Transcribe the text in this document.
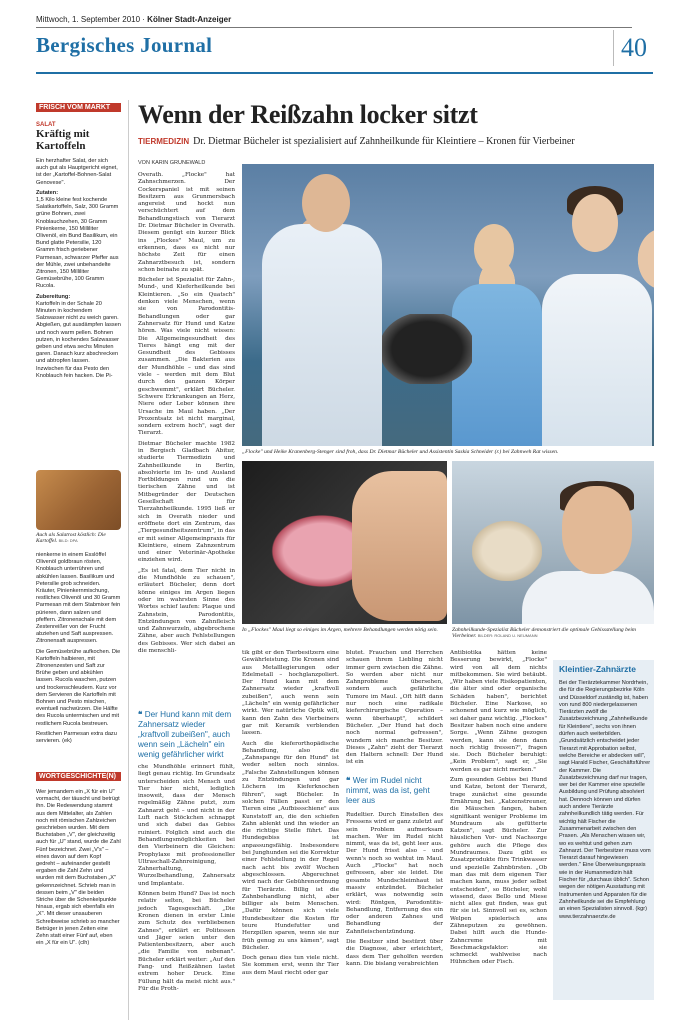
Mittwoch, 1. September 2010 · Kölner Stadt-Anzeiger
Bergisches Journal	40
FRISCH VOM MARKT
SALAT
Kräftig mit Kartoffeln

Ein herzhafter Salat, der sich auch gut als Hauptgericht eignet, ist der „Kartoffel-Bohnen-Salat Genovese".

Zutaten:
1,5 Kilo kleine fest kochende Salatkartoffeln, Salz, 300 Gramm grüne Bohnen, zwei Knoblauchzehen, 30 Gramm Pinienkerne, 150 Milliliter Olivenöl, ein Bund Basilikum, ein Bund glatte Petersilie, 120 Gramm frisch geriebener Parmesan, schwarzer Pfeffer aus der Mühle, zwei unbehandelte Zitronen, 150 Milliliter Gemüsebrühe, 100 Gramm Rucola.

Zubereitung:
Kartoffeln in der Schale 20 Minuten in kochendem Salzwasser nicht zu weich garen. Abgießen, gut ausdämpfen lassen und noch warm pellen. Bohnen putzen, in kochendes Salzwasser geben und etwa sechs Minuten garen. Danach kurz abschrecken und abtropfen lassen.
Inzwischen für das Pesto den Knoblauch fein hacken. Die Pi-

Auch als Salatrost köstlich: Die Kartoffel. BILD: DPA

nienkerne in einem Esslöffel Olivenöl goldbraun rösten, Knoblauch unterrühren und abkühlen lassen. Basilikum und Petersilie grob schneiden. Kräuter, Pinienkernmischung, restliches Olivenöl und 30 Gramm Parmesan mit dem Stabmixer fein pürieren, dann salzen und pfeffern. Zitronenschale mit dem Zestenreißer von der Frucht abziehen und Saft auspressen. Zitronensaft auspressen.

Die Gemüsebrühe aufkochen. Die Kartoffeln halbieren, mit Zitronenzesten und Saft zur Brühe geben und abkühlen lassen. Rucola waschen, putzen und trockenschleudern. Kurz vor dem Servieren die Kartoffeln mit Bohnen und Pesto mischen, eventuell nachwürzen. Die Hälfte des Rucola untermischen und mit restlichem Rucola bestreuen.

Restlichen Parmesan extra dazu servieren. (ek)

WORTGESCHICHTE(N)
Wer jemandem ein „X für ein U" vormacht, der täuscht und betrügt ihn. Die Redewendung stammt aus dem Mittelalter, als Zahlen noch mit römischen Zahlzeichen geschrieben wurden. Mit dem Buchstaben „V", der gleichzeitig auch für „U" stand, wurde die Zahl Fünf bezeichnet. Zwei „V's" – eines davon auf dem Kopf gedreht – aufeinander gestellt ergaben die Zahl Zehn und wurden mit dem Buchstaben „X" gekennzeichnet. Schrieb man in dessen beim „V" die beiden Striche über die Schenkelpunkte hinaus, ergab sich ebenfalls ein „X". Mit dieser unsauberen Schreibweise schrieb so mancher Betrüger in jenen Zeiten eine Zehn statt einer Fünf auf, eben ein „X für ein U". (clh)
Wenn der Reißzahn locker sitzt
TIERMEDIZIN Dr. Dietmar Bücheler ist spezialisiert auf Zahnheilkunde für Kleintiere – Kronen für Vierbeiner
VON KARIN GRUNEWALD

Overath. „Flocke" hat Zahnschmerzen. Der Cockerspaniel ist mit seinen Besitzern aus Grunmersbach angereist und hockt nun verschüchtert auf dem Behandlungstisch von Tierarzt Dr. Dietmar Bücheler in Overath. Diesem genügt ein kurzer Blick ins „Flockes" Maul, um zu erkennen, dass es nicht nur höchste Zeit für einen Zahnarztbesuch ist, sondern schon beinahe zu spät.

Bücheler ist Spezialist für Zahn-, Mund-, und Kieferheilkunde bei Kleintieren. „So ein Quatsch" denken viele Menschen, wenn sie von Parodontitis-Behandlungen oder gar Zahnersatz für Hund und Katze hören. Was viele nicht wissen: Die Allgemeingesundheit des Tieres hängt eng mit der Gesundheit des Gebisses zusammen. „Die Bakterien aus der Mundhöhle – und das sind viele – werden mit dem Blut durch den ganzen Körper geschwemmt", erklärt Bücheler. Schwere Erkrankungen an Herz, Niere oder Leber können ihre Ursache im Maul haben. „Der Prozentsatz ist nicht marginal, sondern extrem hoch", sagt der Tierarzt.

Dietmar Bücheler machte 1982 in Bergisch Gladbach Abitur, studierte Tiermedizin und Zahnheilkunde in Berlin, absolvierte im In- und Ausland Fortbildungen rund um die tierischen Zähne und ist Mitbegründer der Deutschen Gesellschaft für Tierzahnheilkunde. 1995 ließ er sich in Overath nieder und eröffnete dort ein Zentrum, das „Tiergesundheitszentrum", in das er mit seiner Allgemeinpraxis für Kleintiere, einem Zahnzentrum und einer Veterinär-Apotheke einziehen wird.

„Es ist fatal, dem Tier nicht in die Mundhöhle zu schauen", erläutert Bücheler, denn dort könne einiges im Argen liegen oder im wahrsten Sinne des Wortes schief laufen: Plaque und Zahnstein, Parodontitis, Entzündungen von Zahnfleisch und Zahnwurzeln, abgebrochene Zähne, aber auch Fehlstellungen des Gebisses. Wer sich dabei an die menschli-

„Flocke" und Heike Kranenberg-Stenger sind froh, dass Dr. Dietmar Bücheler und Assistentin Saskia Schneider (r.) bei Zahnweh Rat wissen.
❝ Der Hund kann mit dem Zahnersatz wieder „kraftvoll zubeißen", auch wenn sein „Lächeln" ein wenig gefährlicher wirkt

che Mundhöhle erinnert fühlt, liegt genau richtig. Im Grundsatz unterscheiden sich Mensch und Tier hier nicht, lediglich insoweit, dass der Mensch regelmäßig Zähne putzt, zum Zahnarzt geht – und nicht in der Luft nach Stöckchen schnappt und sich dabei das Gebiss ruiniert. Folglich sind auch die Behandlungsmöglichkeiten bei den Vierbeinern die Gleichen: Prophylaxe mit professioneller Ultraschall-Zahnreinigung, Zahnerhaltung, Wurzelbehandlung, Zahnersatz und Implantate.

Können beim Hund? Das ist noch relativ selten, bei Bücheler jedoch Tagesgeschäft. „Die Kronen dienen in erster Linie zum Schutz des verbliebenen Zahnes", erklärt er. Politessen und Jäger seien unter den Patientenbesitzern, aber auch „die Familie von nebenan". Bücheler erklärt weiter: „Auf den Fang- und Reißzähnen lastet extrem hoher Druck. Eine Füllung hält da meist nicht aus." Für die Proth-

In „Flockes" Maul liegt so einiges im Argen, mehrere Behandlungen werden nötig sein.	Zahnheilkunde-Spezialist Bücheler demonstriert die optimale Gebissstellung beim Vierbeiner. BILDER: ROLAND U. NEUMANN

tik gibt er den Tierbesitzern eine Gewährleistung. Die Kronen sind aus Metalllegierungen oder Edelmetall – hochglanzpoliert. Der Hund kann mit dem Zahnersatz wieder „kraftvoll zubeißen", auch wenn sein „Lächeln" ein wenig gefährlicher wirkt. Wer natürliche Optik will, kann den Zahn des Vierbeiners gar mit Keramik verblenden lassen.

Auch die kieferorthopädische Behandlung, also die „Zahnspange für den Hund" ist weder selten noch sinnlos. „Falsche Zahnstellungen können zu Entzündungen und gar Löchern im Kieferknochen führen", sagt Bücheler. In solchen Fällen passt er den Tieren eine „Aufbissschiene" aus Kunststoff an, die den schiefen Zahn ablenkt und ihn wieder an die richtige Stelle führt. Das Hundegebiss ist anpassungsfähig. Insbesondere bei Junghunden sei die Korrektur einer Fehlstellung in der Regel nach acht bis zwölf Wochen abgeschlossen. Abgerechnet wird nach der Gebührenordnung für Tierärzte. Billig ist die Zahnbehandlung nicht, aber billiger als beim Menschen. „Dafür können sich viele Hundebesitzer die Kosten für teure Hundefutter und Herzpillen sparen, wenn sie nur früh genug zu uns kämen", sagt Bücheler.

Doch genau dies tun viele nicht. Sie kommen erst, wenn ihr Tier aus dem Maul riecht oder gar

blutet. Frauchen und Herrchen schauen ihrem Liebling nicht immer gern zwischen die Zähne. So werden aber nicht nur Zahnprobleme übersehen, sondern auch gefährliche Tumore im Maul. „Oft hilft dann nur noch eine radikale kieferchirurgische Operation – wenn überhaupt", schildert Bücheler. „Der Hund hat doch noch normal gefressen", wundern sich manche Besitzer. Dieses „Zahn" zieht der Tierarzt den Haltern schnell: Der Hund ist ein

❝ Wer im Rudel nicht nimmt, was da ist, geht leer aus

Rudeltier. Durch Einstellen des Fressens wird er ganz zuletzt auf sein Problem aufmerksam machen. Wer im Rudel nicht nimmt, was da ist, geht leer aus. Der Hund frisst also – und wenn's noch so wehtut im Maul. Auch „Flocke" hat noch gefressen, aber sie leidet. Die gesamte Mundschleimhaut ist massiv entzündet. Bücheler erklärt, was notwendig sein wird: Röntgen, Parodontitis-Behandlung, Entfernung des ein oder anderen Zahnes und Behandlung der Zahnfleischentzündung.

Die Besitzer sind bestürzt über die Diagnose, aber erleichtert, dass dem Tier geholfen werden kann. Die bislang verabreichten

Antibiotika hätten keine Besserung bewirkt, „Flocke" wird von all dem nichts mitbekommen. Sie wird betäubt. „Wir haben viele Risikopatienten, die älter sind oder organische Schäden haben", berichtet Bücheler. Eine Narkose, so schonend und kurz wie möglich, sei daher ganz wichtig. „Flockes" Besitzer haben noch eine andere Sorge. „Wenn Zähne gezogen werden, kann sie denn dann noch richtig fressen?", fragen sie. Doch Bücheler beruhigt: „Kein Problem", sagt er, „Sie werden es gar nicht merken."

Zum gesunden Gebiss bei Hund und Katze, betont der Tierarzt, trage zunächst eine gesunde Ernährung bei. „Katzenstreuner, die Mäuschen fangen, haben signifikant weniger Probleme im Mundraum als gefütterte Katzen", sagt Bücheler. Zur häuslichen Vor- und Nachsorge gehöre auch die Pflege des Mundraumes. Dazu gibt es Zusatzprodukte fürs Trinkwasser und spezielle Zahnbürsten. „Ob man das mit dem eigenen Tier machen kann, muss jeder selbst entscheiden", so Bücheler, wohl wissend, dass Bello und Miese nicht alles gut finden, was gut für sie ist. Sinnvoll sei es, schon Welpen spielerisch ans Zähneputzen zu gewöhnen. Dabei hilft auch die Hunde-Zahncreme mit Beschmackgsfaktor: sie schmeckt wahlweise nach Hühnchen oder Fisch.

Kleintier-Zahnärzte

Bei der Tierärztekammer Nordrhein, die für die Regierungsbezirke Köln und Düsseldorf zuständig ist, haben von rund 800 niedergelassenen Tierärzten zwölf die Zusatzbezeichnung „Zahnheilkunde für Kleintiere", sechs von ihnen dürfen auch weiterbilden. „Grundsätzlich entscheidet jeder Tierarzt mit Approbation selbst, welche Bereiche er abdecken will", sagt Harald Fischer, Geschäftsführer der Kammer. Die Zusatzbezeichnung darf nur tragen, wer bei der Kammer eine spezielle Ausbildung und Prüfung absolviert hat. Dennoch können und dürfen auch andere Tierärzte zahnheilkundlich tätig werden. Für wichtig hält Fischer die Zusammenarbeit zwischen den Praxen. „Als Menschen wissen wir, wo es wehtut und gehen zum Zahnarzt. Der Tierbesitzer muss vom Tierarzt darauf hingewiesen werden." Eine Überweisungspraxis wie in der Humanmedizin hält Fischer für „durchaus üblich". Schon wegen der nötigen Ausstattung mit Instrumenten und Apparaten für die Zahnheilkunde sei die Empfehlung an einen Spezialisten sinnvoll. (kgr) www.tierzahnaerzte.de
